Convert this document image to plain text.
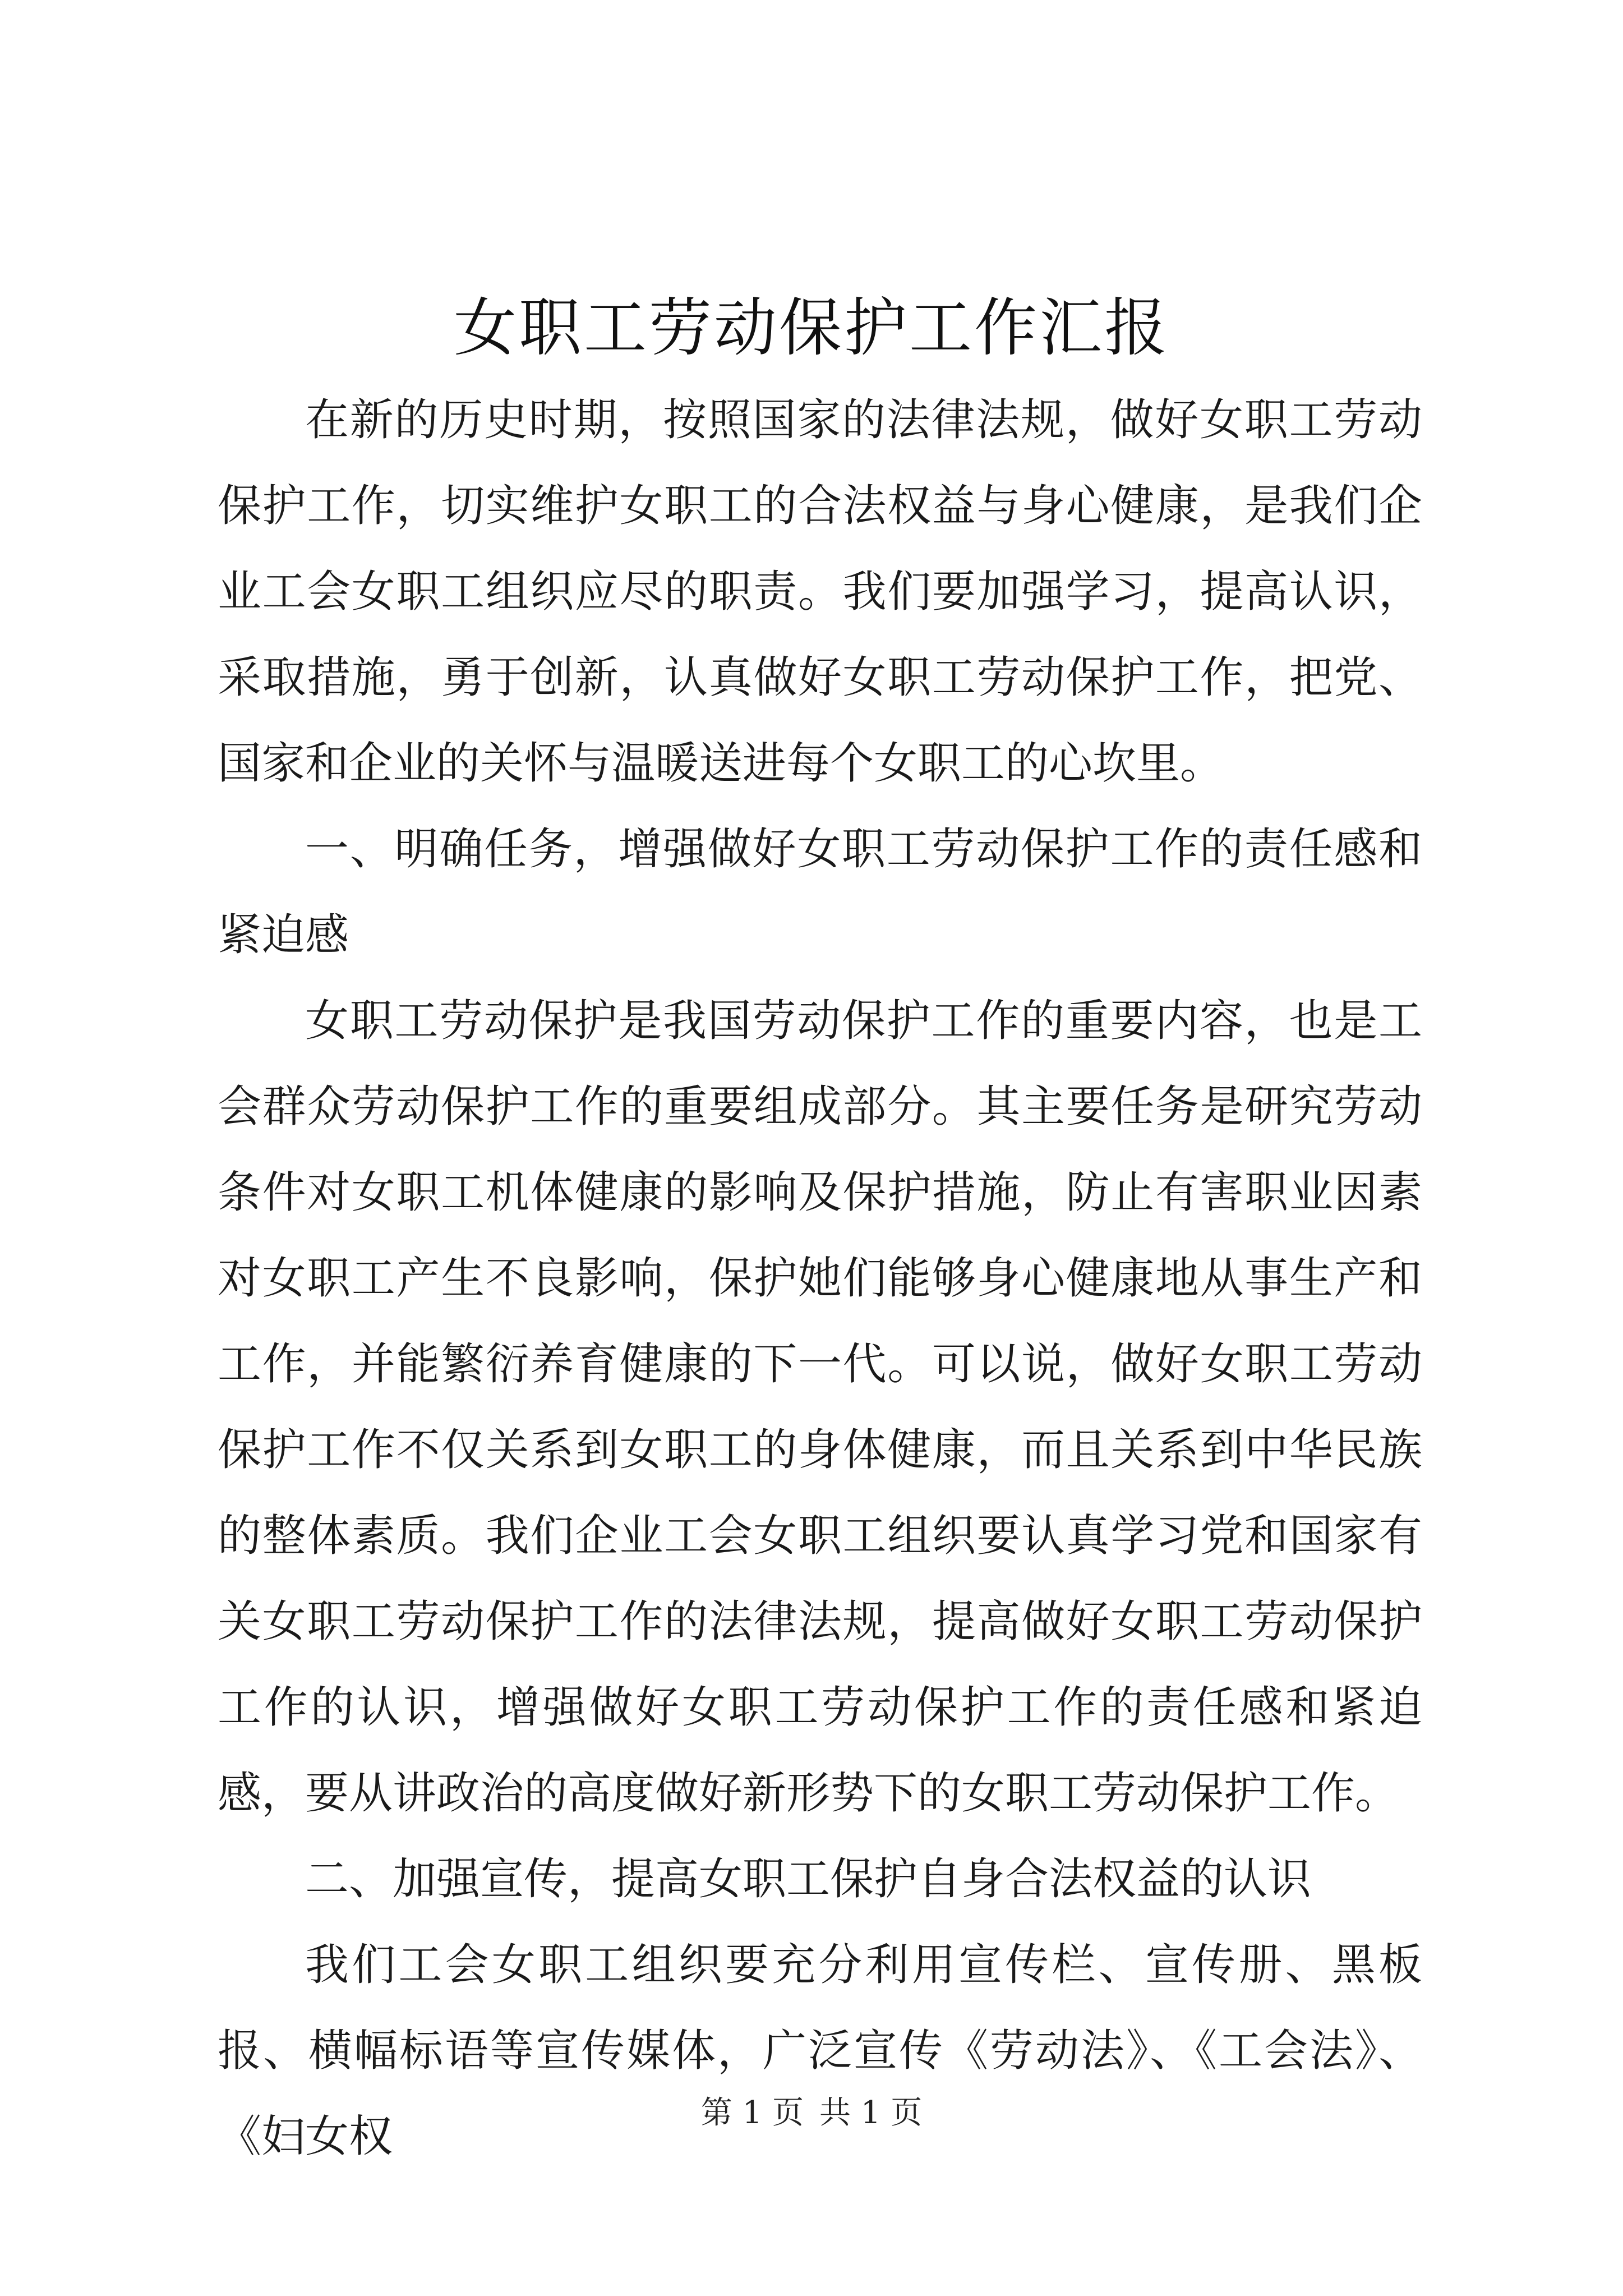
女职工劳动保护工作汇报

在新的历史时期，按照国家的法律法规，做好女职工劳动保护工作，切实维护女职工的合法权益与身心健康，是我们企业工会女职工组织应尽的职责。我们要加强学习，提高认识，采取措施，勇于创新，认真做好女职工劳动保护工作，把党、国家和企业的关怀与温暖送进每个女职工的心坎里。

一、明确任务，增强做好女职工劳动保护工作的责任感和紧迫感

女职工劳动保护是我国劳动保护工作的重要内容，也是工会群众劳动保护工作的重要组成部分。其主要任务是研究劳动条件对女职工机体健康的影响及保护措施，防止有害职业因素对女职工产生不良影响，保护她们能够身心健康地从事生产和工作，并能繁衍养育健康的下一代。可以说，做好女职工劳动保护工作不仅关系到女职工的身体健康，而且关系到中华民族的整体素质。我们企业工会女职工组织要认真学习党和国家有关女职工劳动保护工作的法律法规，提高做好女职工劳动保护工作的认识，增强做好女职工劳动保护工作的责任感和紧迫感，要从讲政治的高度做好新形势下的女职工劳动保护工作。

二、加强宣传，提高女职工保护自身合法权益的认识

我们工会女职工组织要充分利用宣传栏、宣传册、黑板报、横幅标语等宣传媒体，广泛宣传《劳动法》、《工会法》、《妇女权	第 1 页 共 1 页
